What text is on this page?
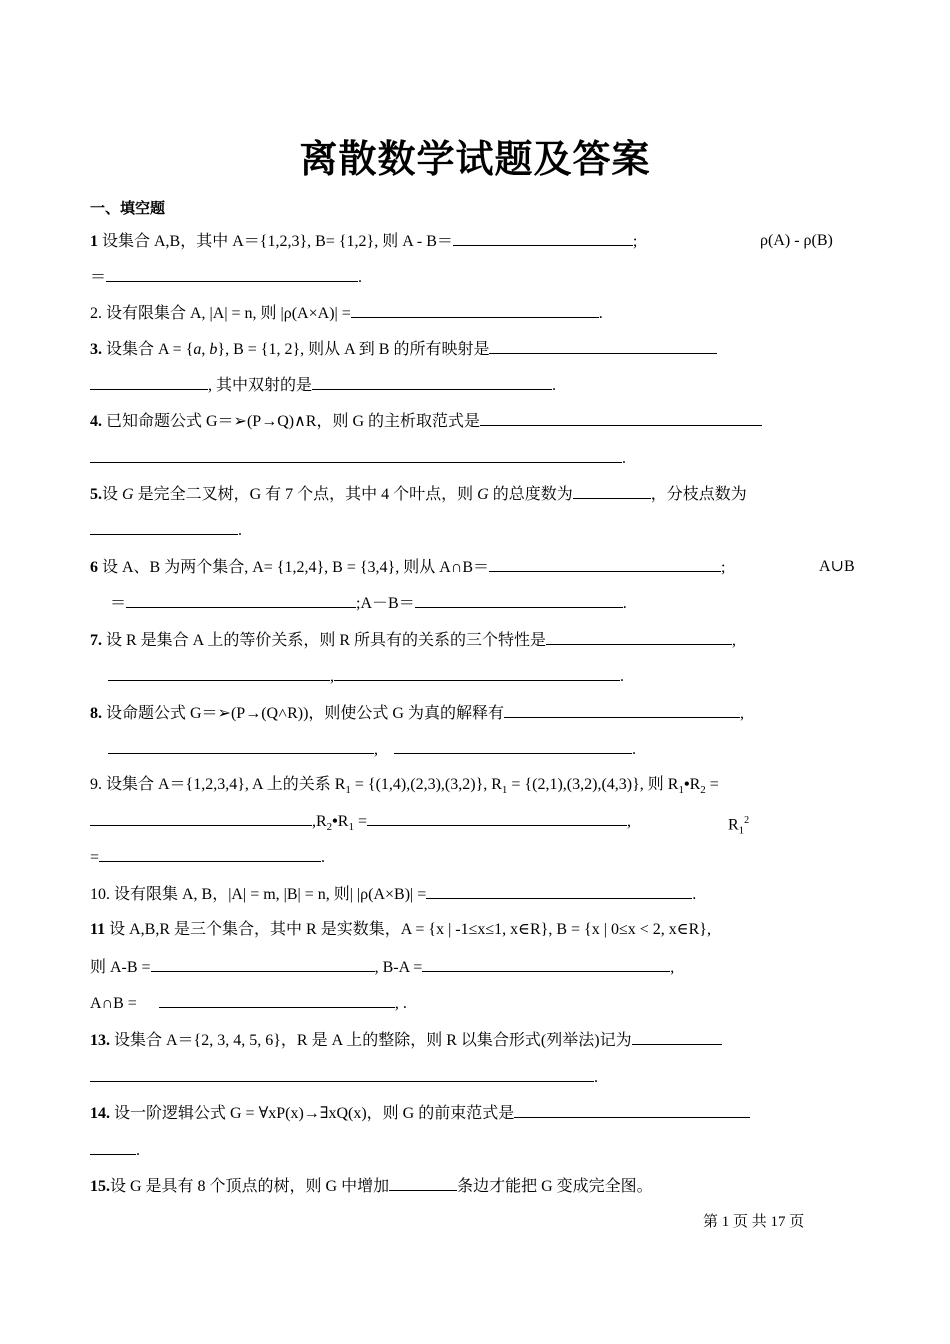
离散数学试题及答案
一、填空题
1 设集合 A,B，其中 A＝{1,2,3}, B= {1,2}, 则 A - B＝	;	ρ(A) - ρ(B)
＝	.
2. 设有限集合 A, |A| = n, 则 |ρ(A×A)| =	.
3. 设集合 A = {a, b}, B = {1, 2}, 则从 A 到 B 的所有映射是
, 其中双射的是	.
4. 已知命题公式 G＝➢(P→Q)∧R，则 G 的主析取范式是
.
5.设 G 是完全二叉树，G 有 7 个点，其中 4 个叶点，则 G 的总度数为	，分枝点数为
.
6 设 A、B 为两个集合, A= {1,2,4}, B = {3,4}, 则从 A∩B＝	;	A∪B
＝	;A－B＝	.
7. 设 R 是集合 A 上的等价关系，则 R 所具有的关系的三个特性是	,
,	.
8. 设命题公式 G＝➢(P→(Q˄R))，则使公式 G 为真的解释有	,
,	.
9. 设集合 A＝{1,2,3,4}, A 上的关系 $R_1 = \{(1,4),(2,3),(3,2)\}$, $R_1 = \{(2,1),(3,2),(4,3)\}$, 则 $R_1•R_2$ =
$,R_2•R_1$ =	,	$R_1^2$
=	.
10. 设有限集 A, B，|A| = m, |B| = n, 则| |ρ(A×B)| =	.
11 设 A,B,R 是三个集合，其中 R 是实数集，A = {x | -1≤x≤1, x∈R}, B = {x | 0≤x < 2, x∈R},
则 A-B =	, B-A =	,
A∩B =	, .
13. 设集合 A＝{2, 3, 4, 5, 6}，R 是 A 上的整除，则 R 以集合形式(列举法)记为
.
14. 设一阶逻辑公式 G = ∀xP(x)→∃xQ(x)，则 G 的前束范式是
.
15.设 G 是具有 8 个顶点的树，则 G 中增加	条边才能把 G 变成完全图。
第 1 页 共 17 页
